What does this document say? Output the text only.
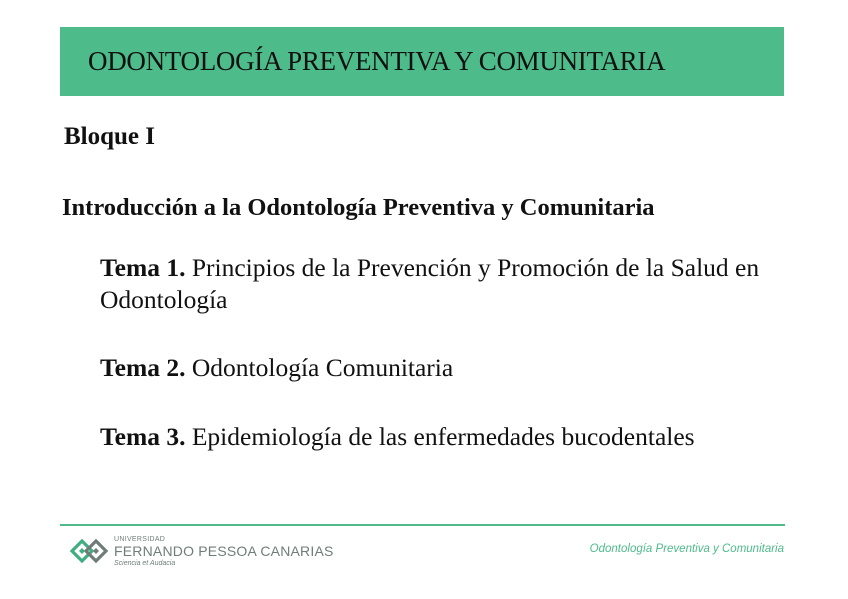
ODONTOLOGÍA PREVENTIVA Y COMUNITARIA
Bloque I
Introducción a la Odontología Preventiva y Comunitaria
Tema 1. Principios de la Prevención y Promoción de la Salud en Odontología
Tema 2. Odontología Comunitaria
Tema 3. Epidemiología de las enfermedades bucodentales
UNIVERSIDAD
FERNANDO PESSOA CANARIAS
Sciencia et Audacia
Odontología Preventiva y Comunitaria
